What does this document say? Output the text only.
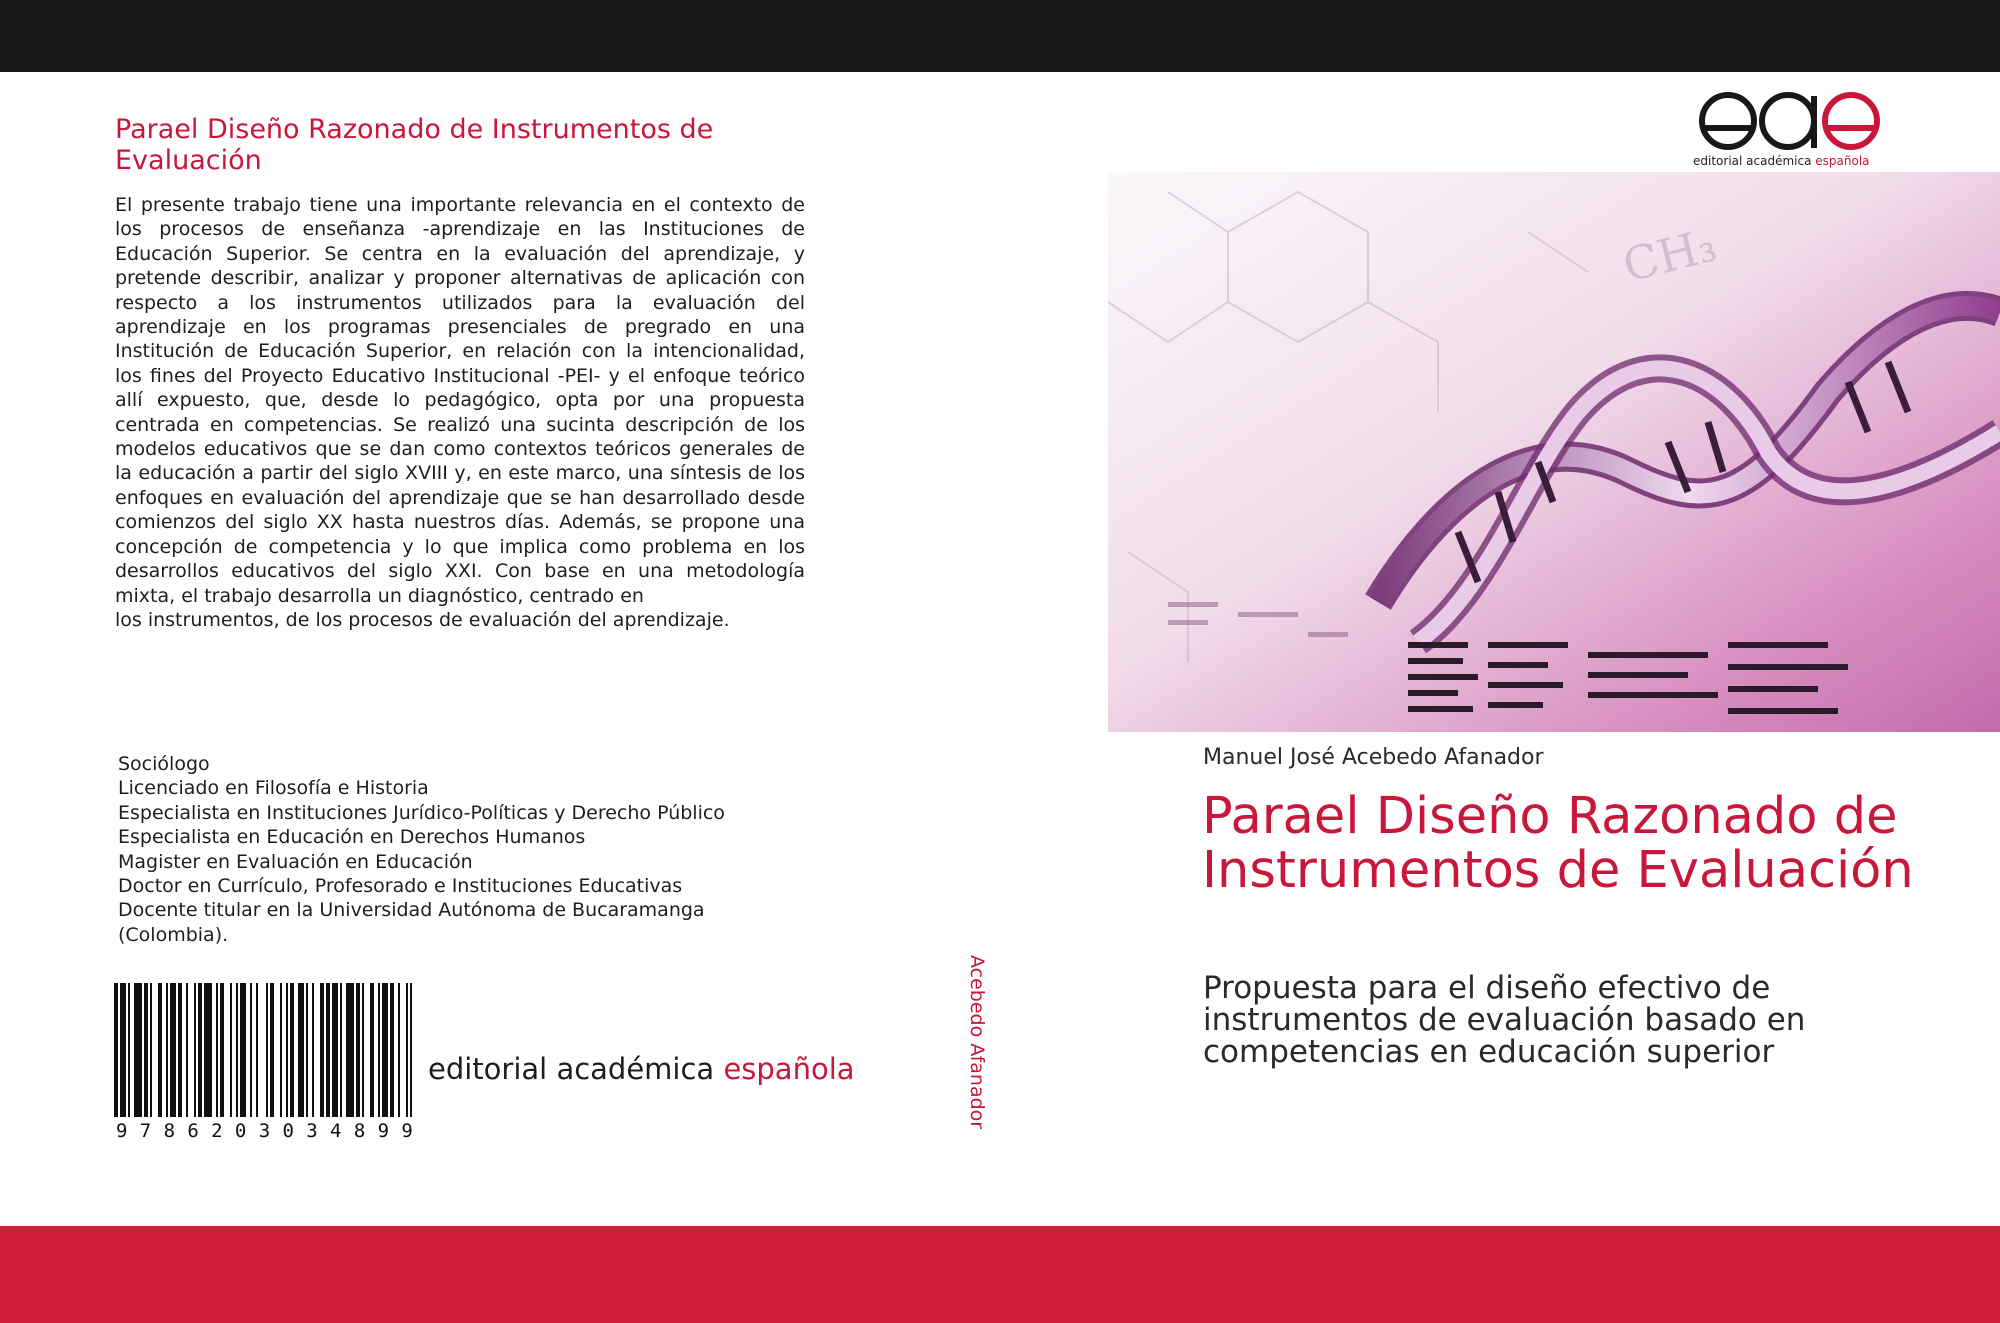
Parael Diseño Razonado de Instrumentos de Evaluación

El presente trabajo tiene una importante relevancia en el contexto de los procesos de enseñanza -aprendizaje en las Instituciones de Educación Superior. Se centra en la evaluación del aprendizaje, y pretende describir, analizar y proponer alternativas de aplicación con respecto a los instrumentos utilizados para la evaluación del aprendizaje en los programas presenciales de pregrado en una Institución de Educación Superior, en relación con la intencionalidad, los fines del Proyecto Educativo Institucional -PEI- y el enfoque teórico allí expuesto, que, desde lo pedagógico, opta por una propuesta centrada en competencias. Se realizó una sucinta descripción de los modelos educativos que se dan como contextos teóricos generales de la educación a partir del siglo XVIII y, en este marco, una síntesis de los enfoques en evaluación del aprendizaje que se han desarrollado desde comienzos del siglo XX hasta nuestros días. Además, se propone una concepción de competencia y lo que implica como problema en los desarrollos educativos del siglo XXI. Con base en una metodología mixta, el trabajo desarrolla un diagnóstico, centrado en

los instrumentos, de los procesos de evaluación del aprendizaje.

Sociólogo
Licenciado en Filosofía e Historia
Especialista en Instituciones Jurídico-Políticas y Derecho Público
Especialista en Educación en Derechos Humanos
Magister en Evaluación en Educación
Doctor en Currículo, Profesorado e Instituciones Educativas
Docente titular en la Universidad Autónoma de Bucaramanga
(Colombia).
9 7 8 6 2 0 3 0 3 4 8 9 9
editorial académica española	Acebedo Afanador
editorial académica española
CH₃
Manuel José Acebedo Afanador
Parael Diseño Razonado de Instrumentos de Evaluación

Propuesta para el diseño efectivo de instrumentos de evaluación basado en competencias en educación superior
